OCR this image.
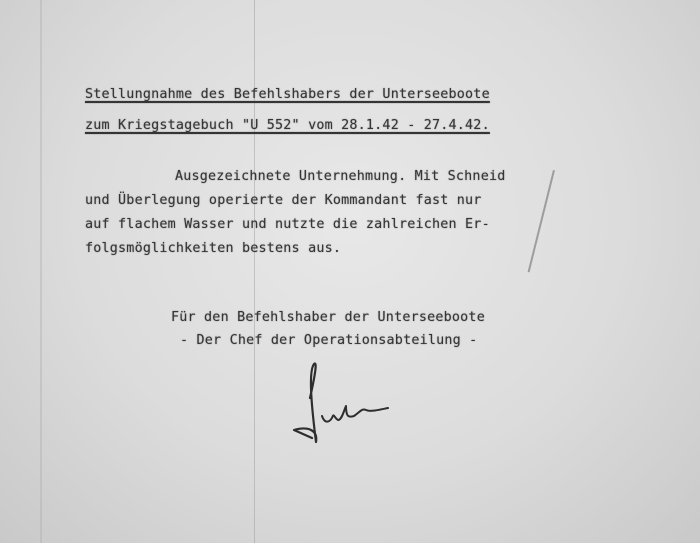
Stellungnahme des Befehlshabers der Unterseeboote
zum Kriegstagebuch "U 552" vom 28.1.42 - 27.4.42.
Ausgezeichnete Unternehmung. Mit Schneid
und Überlegung operierte der Kommandant fast nur
auf flachem Wasser und nutzte die zahlreichen Er-
folgsmöglichkeiten bestens aus.
Für den Befehlshaber der Unterseeboote
- Der Chef der Operationsabteilung -
